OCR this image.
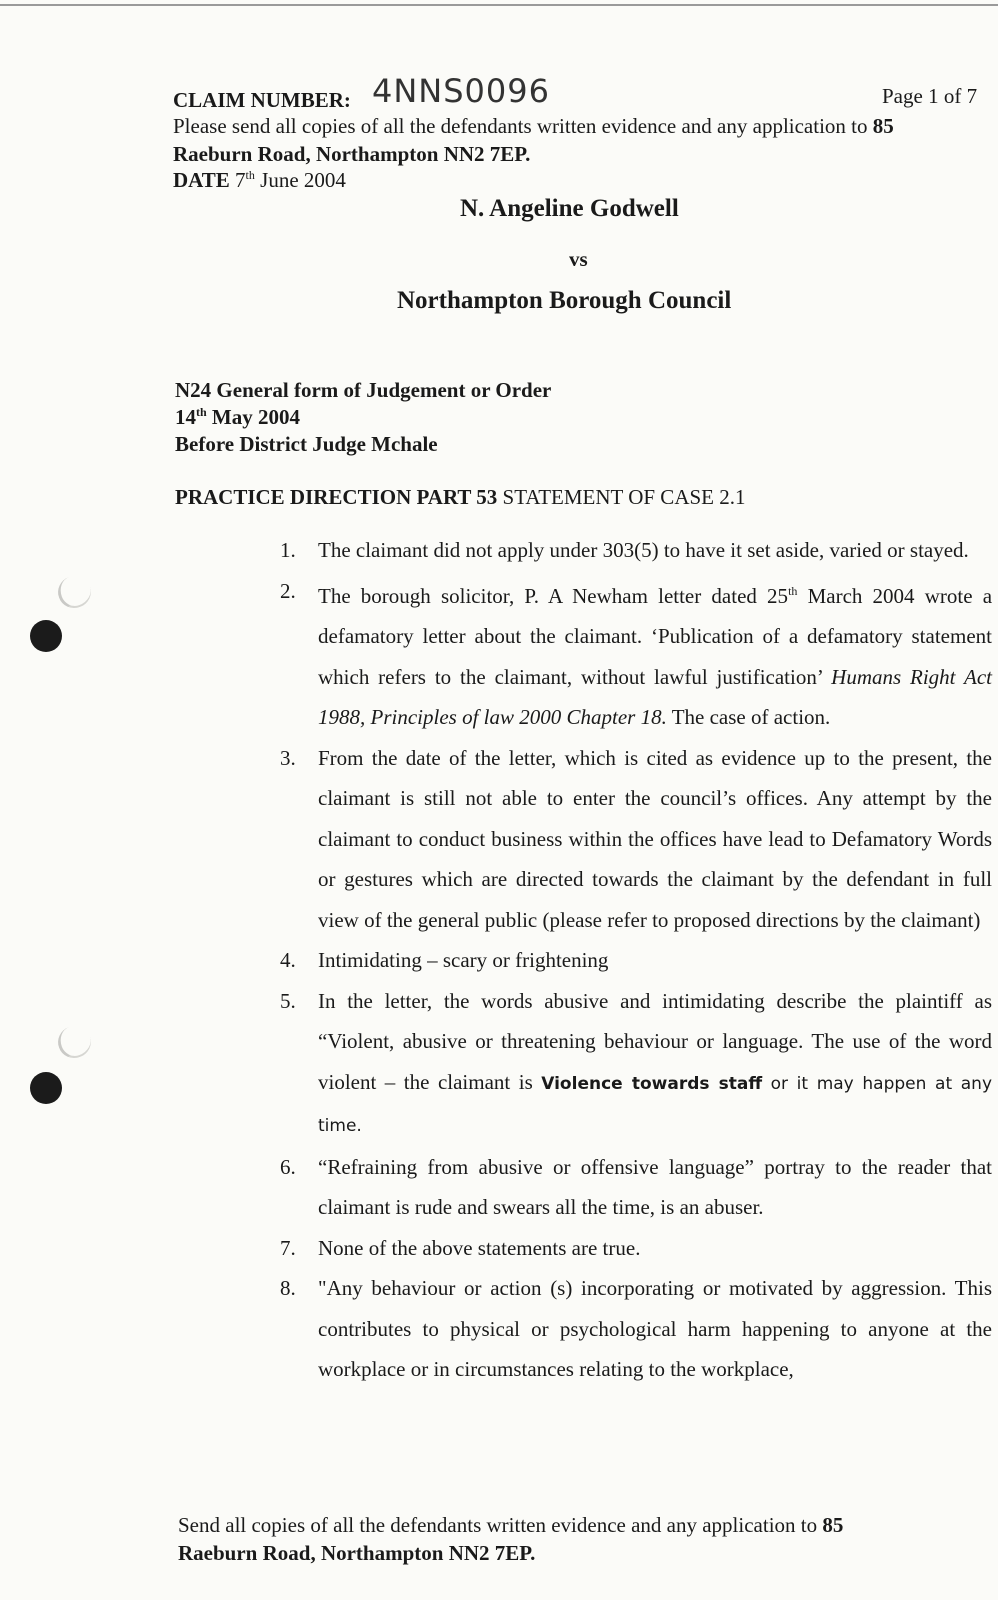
CLAIM NUMBER: 4NNS0096	Page 1 of 7
Please send all copies of all the defendants written evidence and any application to 85
Raeburn Road, Northampton NN2 7EP.
DATE 7th June 2004
N. Angeline Godwell
vs
Northampton Borough Council
N24 General form of Judgement or Order
14th May 2004
Before District Judge Mchale
PRACTICE DIRECTION PART 53 STATEMENT OF CASE 2.1
1. The claimant did not apply under 303(5) to have it set aside, varied or stayed.
2. The borough solicitor, P. A Newham letter dated 25th March 2004 wrote a defamatory letter about the claimant. ‘Publication of a defamatory statement which refers to the claimant, without lawful justification’ Humans Right Act 1988, Principles of law 2000 Chapter 18. The case of action.
3. From the date of the letter, which is cited as evidence up to the present, the claimant is still not able to enter the council’s offices. Any attempt by the claimant to conduct business within the offices have lead to Defamatory Words or gestures which are directed towards the claimant by the defendant in full view of the general public (please refer to proposed directions by the claimant)
4. Intimidating – scary or frightening
5. In the letter, the words abusive and intimidating describe the plaintiff as “Violent, abusive or threatening behaviour or language. The use of the word violent – the claimant is Violence towards staff or it may happen at any time.
6. “Refraining from abusive or offensive language” portray to the reader that claimant is rude and swears all the time, is an abuser.
7. None of the above statements are true.
8. "Any behaviour or action (s) incorporating or motivated by aggression. This contributes to physical or psychological harm happening to anyone at the workplace or in circumstances relating to the workplace,
Send all copies of all the defendants written evidence and any application to 85
Raeburn Road, Northampton NN2 7EP.
